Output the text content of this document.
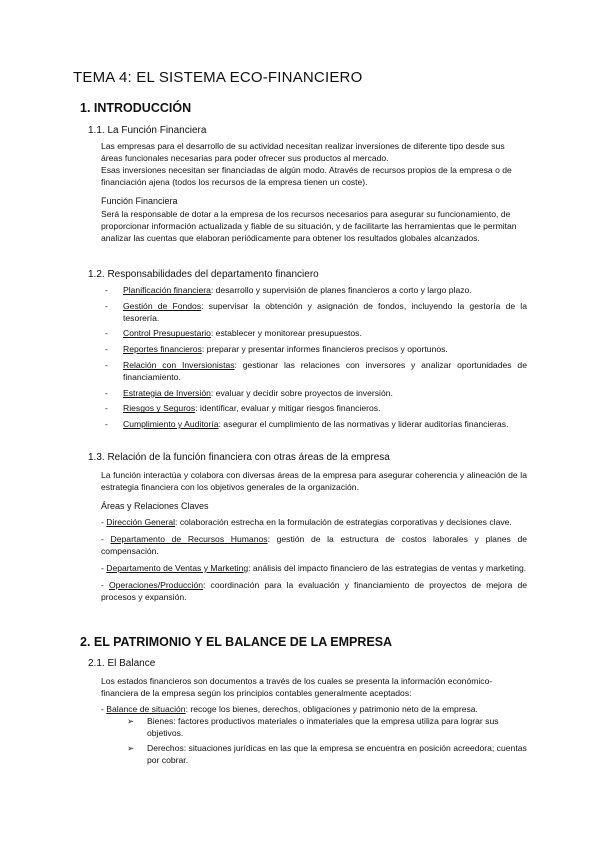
TEMA 4: EL SISTEMA ECO-FINANCIERO
1. INTRODUCCIÓN
1.1. La Función Financiera

Las empresas para el desarrollo de su actividad necesitan realizar inversiones de diferente tipo desde sus áreas funcionales necesarias para poder ofrecer sus productos al mercado.

Esas inversiones necesitan ser financiadas de algún modo. Através de recursos propios de la empresa o de financiación ajena (todos los recursos de la empresa tienen un coste).

Función Financiera
Será la responsable de dotar a la empresa de los recursos necesarios para asegurar su funcionamiento, de proporcionar información actualizada y fiable de su situación, y de facilitarte las herramientas que le permitan analizar las cuentas que elaboran periódicamente para obtener los resultados globales alcanzados.
1.2. Responsabilidades del departamento financiero
- Planificación financiera: desarrollo y supervisión de planes financieros a corto y largo plazo.
- Gestión de Fondos: supervisar la obtención y asignación de fondos, incluyendo la gestoría de la tesorería.
- Control Presupuestario: establecer y monitorear presupuestos.
- Reportes financieros: preparar y presentar informes financieros precisos y oportunos.
- Relación con Inversionistas: gestionar las relaciones con inversores y analizar oportunidades de financiamiento.
- Estrategia de Inversión: evaluar y decidir sobre proyectos de inversión.
- Riesgos y Seguros: identificar, evaluar y mitigar riesgos financieros.
- Cumplimiento y Auditoría: asegurar el cumplimiento de las normativas y liderar auditorías financieras.
1.3. Relación de la función financiera con otras áreas de la empresa
La función interactúa y colabora con diversas áreas de la empresa para asegurar coherencia y alineación de la estrategia financiera con los objetivos generales de la organización.
Áreas y Relaciones Claves
- Dirección General: colaboración estrecha en la formulación de estrategias corporativas y decisiones clave.
- Departamento de Recursos Humanos: gestión de la estructura de costos laborales y planes de compensación.
- Departamento de Ventas y Marketing: análisis del impacto financiero de las estrategias de ventas y marketing.
- Operaciones/Producción: coordinación para la evaluación y financiamiento de proyectos de mejora de procesos y expansión.
2. EL PATRIMONIO Y EL BALANCE DE LA EMPRESA
2.1. El Balance
Los estados financieros son documentos a través de los cuales se presenta la información económico-financiera de la empresa según los principios contables generalmente aceptados:
- Balance de situación: recoge los bienes, derechos, obligaciones y patrimonio neto de la empresa.
➢ Bienes: factores productivos materiales o inmateriales que la empresa utiliza para lograr sus objetivos.
➢ Derechos: situaciones jurídicas en las que la empresa se encuentra en posición acreedora; cuentas por cobrar.
